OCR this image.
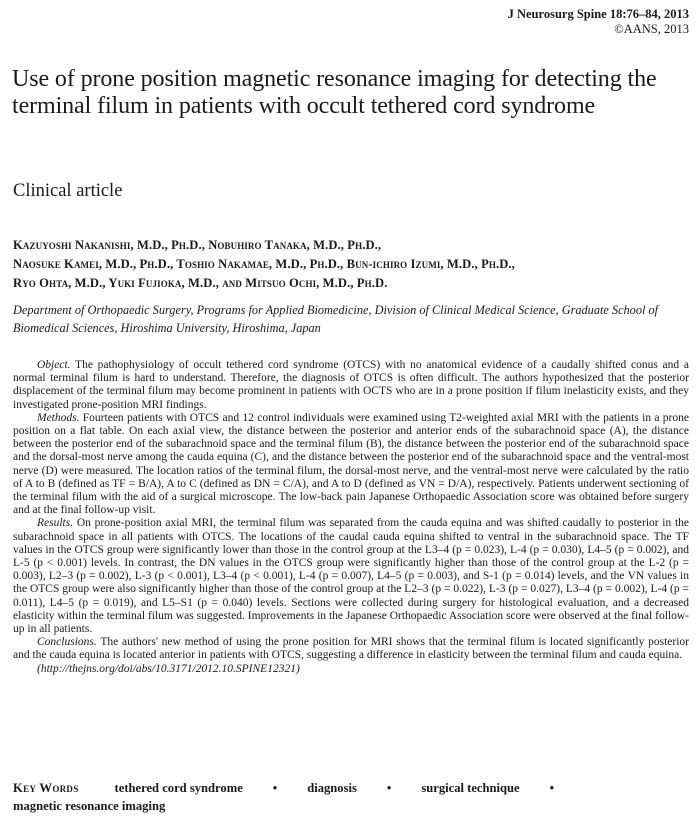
J Neurosurg Spine 18:76–84, 2013
©AANS, 2013
Use of prone position magnetic resonance imaging for detecting the terminal filum in patients with occult tethered cord syndrome
Clinical article
Kazuyoshi Nakanishi, M.D., Ph.D., Nobuhiro Tanaka, M.D., Ph.D.,
Naosuke Kamei, M.D., Ph.D., Toshio Nakamae, M.D., Ph.D., Bun-ichiro Izumi, M.D., Ph.D.,
Ryo Ohta, M.D., Yuki Fujioka, M.D., and Mitsuo Ochi, M.D., Ph.D.
Department of Orthopaedic Surgery, Programs for Applied Biomedicine, Division of Clinical Medical Science, Graduate School of Biomedical Sciences, Hiroshima University, Hiroshima, Japan

Object. The pathophysiology of occult tethered cord syndrome (OTCS) with no anatomical evidence of a caudally shifted conus and a normal terminal filum is hard to understand. Therefore, the diagnosis of OTCS is often difficult. The authors hypothesized that the posterior displacement of the terminal filum may become prominent in patients with OCTS who are in a prone position if filum inelasticity exists, and they investigated prone-position MRI findings.

Methods. Fourteen patients with OTCS and 12 control individuals were examined using T2-weighted axial MRI with the patients in a prone position on a flat table. On each axial view, the distance between the posterior and anterior ends of the subarachnoid space (A), the distance between the posterior end of the subarachnoid space and the terminal filum (B), the distance between the posterior end of the subarachnoid space and the dorsal-most nerve among the cauda equina (C), and the distance between the posterior end of the subarachnoid space and the ventral-most nerve (D) were measured. The location ratios of the terminal filum, the dorsal-most nerve, and the ventral-most nerve were calculated by the ratio of A to B (defined as TF = B/A), A to C (defined as DN = C/A), and A to D (defined as VN = D/A), respectively. Patients underwent sectioning of the terminal filum with the aid of a surgical microscope. The low-back pain Japanese Orthopaedic Association score was obtained before surgery and at the final follow-up visit.

Results. On prone-position axial MRI, the terminal filum was separated from the cauda equina and was shifted caudally to posterior in the subarachnoid space in all patients with OTCS. The locations of the caudal cauda equina shifted to ventral in the subarachnoid space. The TF values in the OTCS group were significantly lower than those in the control group at the L3–4 (p = 0.023), L-4 (p = 0.030), L4–5 (p = 0.002), and L-5 (p < 0.001) levels. In contrast, the DN values in the OTCS group were significantly higher than those of the control group at the L-2 (p = 0.003), L2–3 (p = 0.002), L-3 (p < 0.001), L3–4 (p < 0.001), L-4 (p = 0.007), L4–5 (p = 0.003), and S-1 (p = 0.014) levels, and the VN values in the OTCS group were also significantly higher than those of the control group at the L2–3 (p = 0.022), L-3 (p = 0.027), L3–4 (p = 0.002), L-4 (p = 0.011), L4–5 (p = 0.019), and L5–S1 (p = 0.040) levels. Sections were collected during surgery for histological evaluation, and a decreased elasticity within the terminal filum was suggested. Improvements in the Japanese Orthopaedic Association score were observed at the final follow-up in all patients.

Conclusions. The authors' new method of using the prone position for MRI shows that the terminal filum is located significantly posterior and the cauda equina is located anterior in patients with OTCS, suggesting a difference in elasticity between the terminal filum and cauda equina.

(http://thejns.org/doi/abs/10.3171/2012.10.SPINE12321)

Key Words	tethered cord syndrome • diagnosis • surgical technique •
magnetic resonance imaging
